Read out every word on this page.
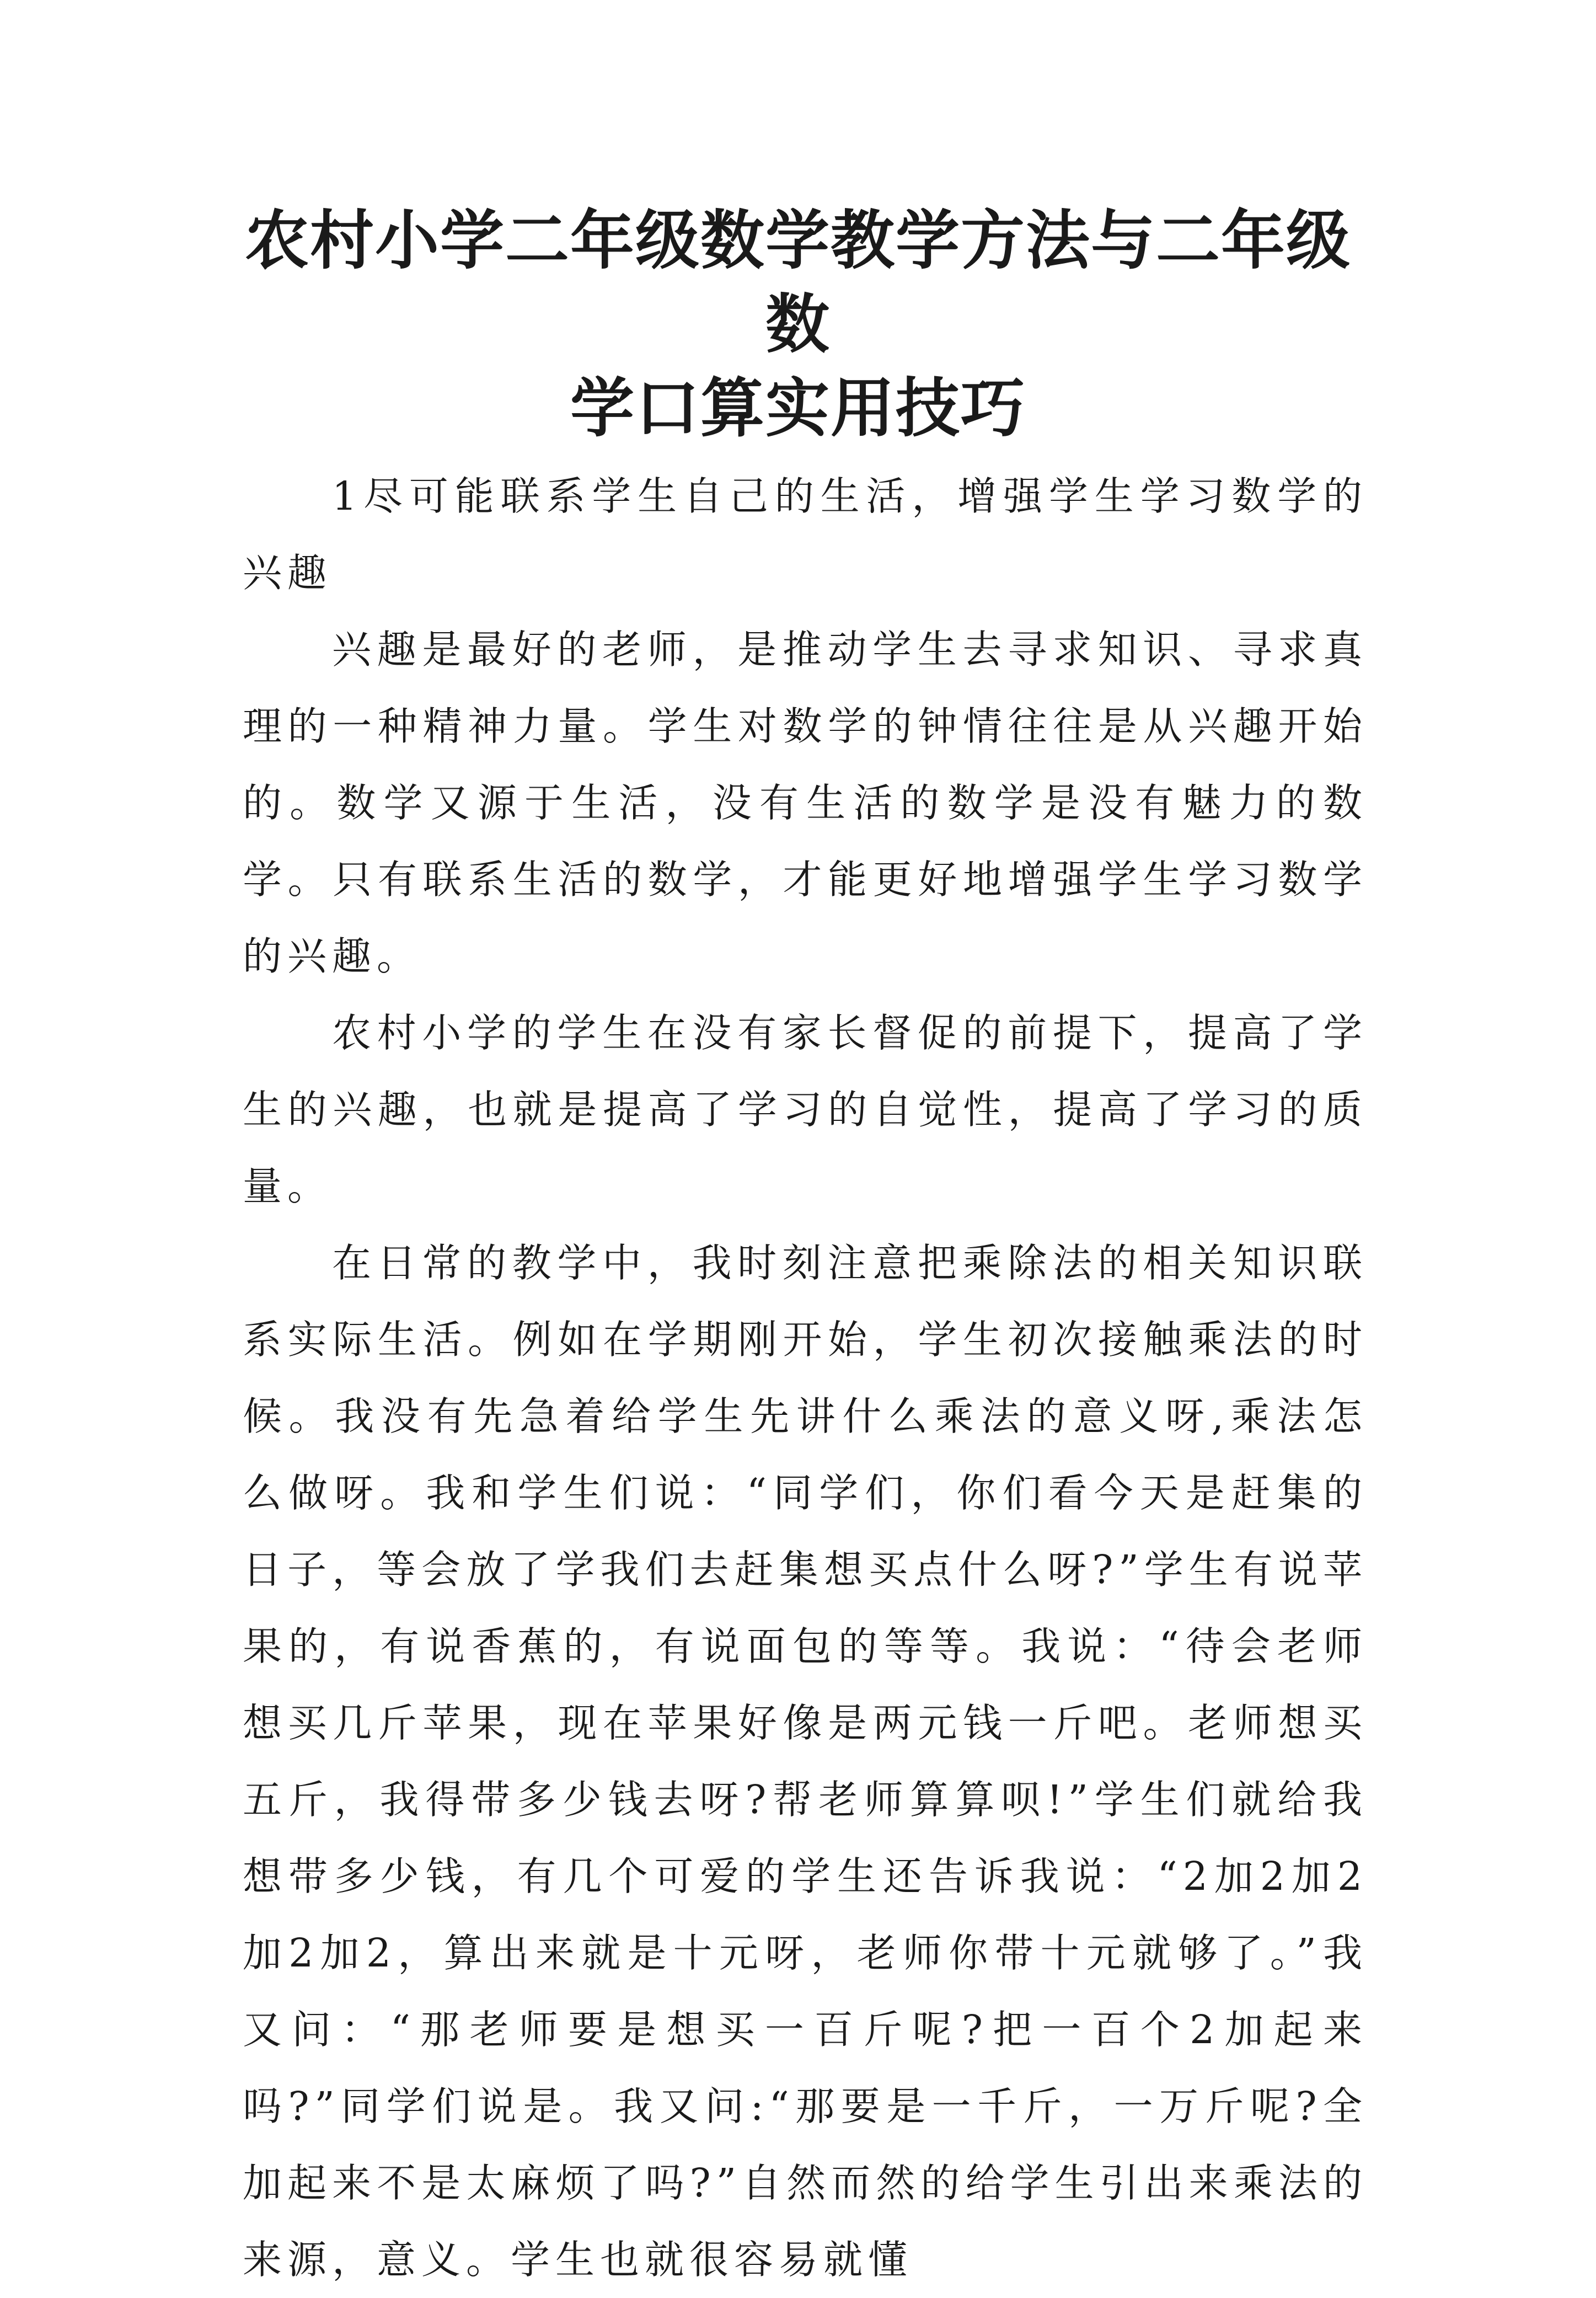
农村小学二年级数学教学方法与二年级数
学口算实用技巧

1尽可能联系学生自己的生活，增强学生学习数学的兴趣

兴趣是最好的老师，是推动学生去寻求知识、寻求真理的一种精神力量。学生对数学的钟情往往是从兴趣开始的。数学又源于生活，没有生活的数学是没有魅力的数学。只有联系生活的数学，才能更好地增强学生学习数学的兴趣。

农村小学的学生在没有家长督促的前提下，提高了学生的兴趣，也就是提高了学习的自觉性，提高了学习的质量。

在日常的教学中，我时刻注意把乘除法的相关知识联系实际生活。例如在学期刚开始，学生初次接触乘法的时候。我没有先急着给学生先讲什么乘法的意义呀,乘法怎么做呀。我和学生们说：“同学们，你们看今天是赶集的日子，等会放了学我们去赶集想买点什么呀?”学生有说苹果的，有说香蕉的，有说面包的等等。我说：“待会老师想买几斤苹果，现在苹果好像是两元钱一斤吧。老师想买五斤，我得带多少钱去呀?帮老师算算呗!”学生们就给我想带多少钱，有几个可爱的学生还告诉我说：“2加2加2加2加2，算出来就是十元呀，老师你带十元就够了。”我又问：“那老师要是想买一百斤呢?把一百个2加起来吗?”同学们说是。我又问:“那要是一千斤，一万斤呢?全加起来不是太麻烦了吗?”自然而然的给学生引出来乘法的来源，意义。学生也就很容易就懂
